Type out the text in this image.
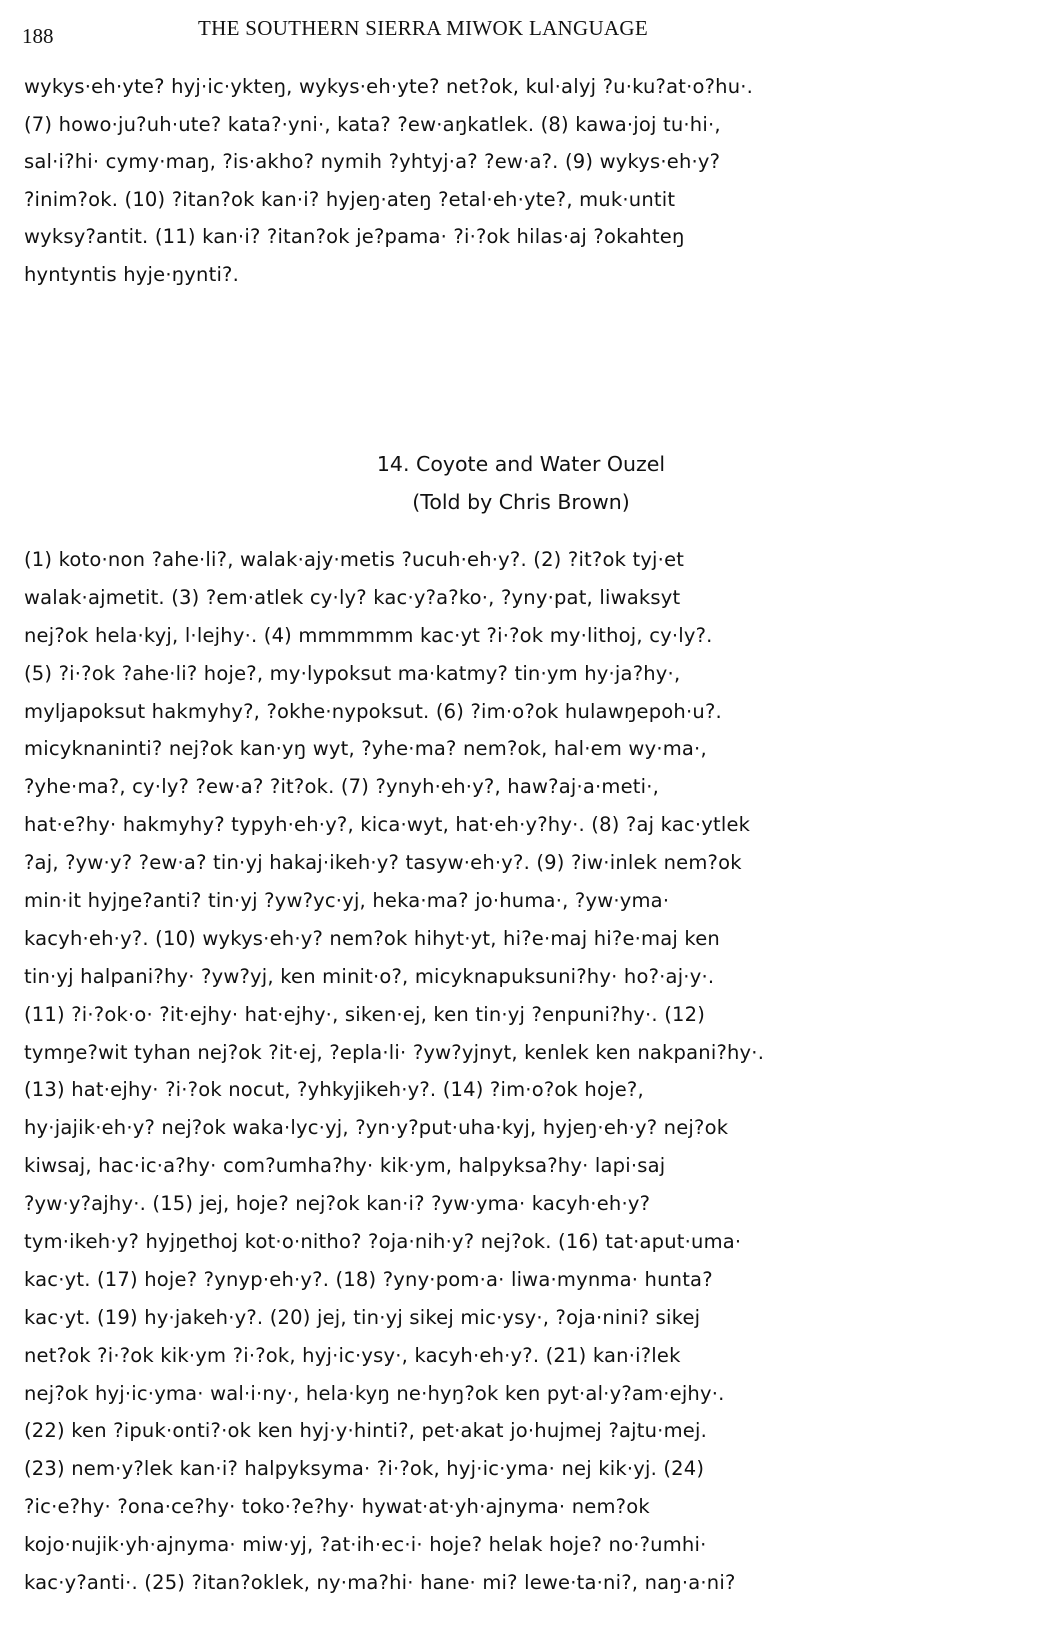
188	THE SOUTHERN SIERRA MIWOK LANGUAGE
wykys·eh·yte? hyj·ic·ykteŋ, wykys·eh·yte? net?ok, kul·alyj ?u·ku?at·o?hu·.
(7) howo·ju?uh·ute? kata?·yni·, kata? ?ew·aŋkatlek. (8) kawa·joj tu·hi·,
sal·i?hi· cymy·maŋ, ?is·akho? nymih ?yhtyj·a? ?ew·a?. (9) wykys·eh·y?
?inim?ok. (10) ?itan?ok kan·i? hyjeŋ·ateŋ ?etal·eh·yte?, muk·untit
wyksy?antit. (11) kan·i? ?itan?ok je?pama· ?i·?ok hilas·aj ?okahteŋ
hyntyntis hyje·ŋynti?.
14. Coyote and Water Ouzel
(Told by Chris Brown)
(1) koto·non ?ahe·li?, walak·ajy·metis ?ucuh·eh·y?. (2) ?it?ok tyj·et
walak·ajmetit. (3) ?em·atlek cy·ly? kac·y?a?ko·, ?yny·pat, liwaksyt
nej?ok hela·kyj, l·lejhy·. (4) mmmmmm kac·yt ?i·?ok my·lithoj, cy·ly?.
(5) ?i·?ok ?ahe·li? hoje?, my·lypoksut ma·katmy? tin·ym hy·ja?hy·,
myljapoksut hakmyhy?, ?okhe·nypoksut. (6) ?im·o?ok hulawŋepoh·u?.
micyknaninti? nej?ok kan·yŋ wyt, ?yhe·ma? nem?ok, hal·em wy·ma·,
?yhe·ma?, cy·ly? ?ew·a? ?it?ok. (7) ?ynyh·eh·y?, haw?aj·a·meti·,
hat·e?hy· hakmyhy? typyh·eh·y?, kica·wyt, hat·eh·y?hy·. (8) ?aj kac·ytlek
?aj, ?yw·y? ?ew·a? tin·yj hakaj·ikeh·y? tasyw·eh·y?. (9) ?iw·inlek nem?ok
min·it hyjŋe?anti? tin·yj ?yw?yc·yj, heka·ma? jo·huma·, ?yw·yma·
kacyh·eh·y?. (10) wykys·eh·y? nem?ok hihyt·yt, hi?e·maj hi?e·maj ken
tin·yj halpani?hy· ?yw?yj, ken minit·o?, micyknapuksuni?hy· ho?·aj·y·.
(11) ?i·?ok·o· ?it·ejhy· hat·ejhy·, siken·ej, ken tin·yj ?enpuni?hy·. (12)
tymŋe?wit tyhan nej?ok ?it·ej, ?epla·li· ?yw?yjnyt, kenlek ken nakpani?hy·.
(13) hat·ejhy· ?i·?ok nocut, ?yhkyjikeh·y?. (14) ?im·o?ok hoje?,
hy·jajik·eh·y? nej?ok waka·lyc·yj, ?yn·y?put·uha·kyj, hyjeŋ·eh·y? nej?ok
kiwsaj, hac·ic·a?hy· com?umha?hy· kik·ym, halpyksa?hy· lapi·saj
?yw·y?ajhy·. (15) jej, hoje? nej?ok kan·i? ?yw·yma· kacyh·eh·y?
tym·ikeh·y? hyjŋethoj kot·o·nitho? ?oja·nih·y? nej?ok. (16) tat·aput·uma·
kac·yt. (17) hoje? ?ynyp·eh·y?. (18) ?yny·pom·a· liwa·mynma· hunta?
kac·yt. (19) hy·jakeh·y?. (20) jej, tin·yj sikej mic·ysy·, ?oja·nini? sikej
net?ok ?i·?ok kik·ym ?i·?ok, hyj·ic·ysy·, kacyh·eh·y?. (21) kan·i?lek
nej?ok hyj·ic·yma· wal·i·ny·, hela·kyŋ ne·hyŋ?ok ken pyt·al·y?am·ejhy·.
(22) ken ?ipuk·onti?·ok ken hyj·y·hinti?, pet·akat jo·hujmej ?ajtu·mej.
(23) nem·y?lek kan·i? halpyksyma· ?i·?ok, hyj·ic·yma· nej kik·yj. (24)
?ic·e?hy· ?ona·ce?hy· toko·?e?hy· hywat·at·yh·ajnyma· nem?ok
kojo·nujik·yh·ajnyma· miw·yj, ?at·ih·ec·i· hoje? helak hoje? no·?umhi·
kac·y?anti·. (25) ?itan?oklek, ny·ma?hi· hane· mi? lewe·ta·ni?, naŋ·a·ni?
